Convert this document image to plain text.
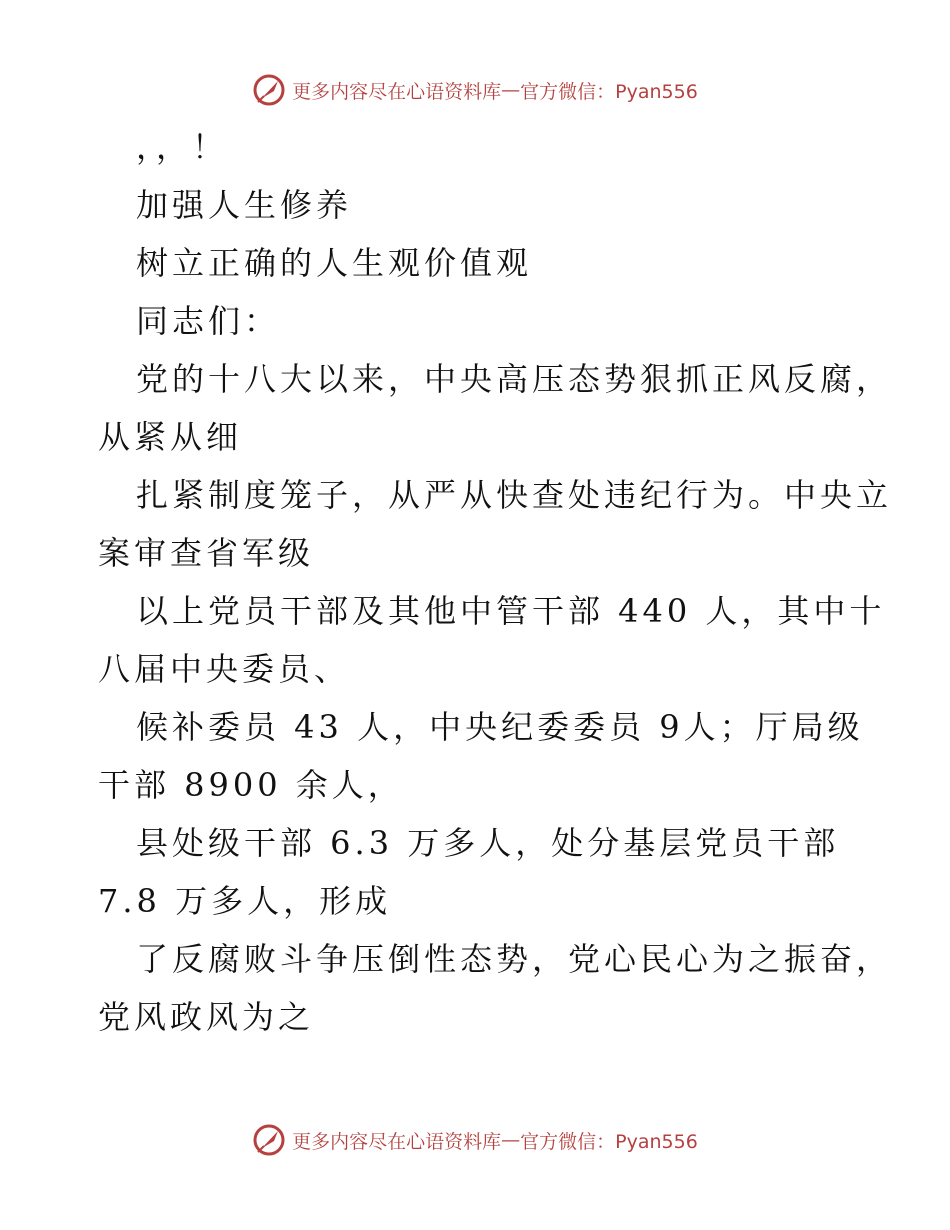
更多内容尽在心语资料库 — 官方微信：Pyan556
，，！
加强人生修养
树立正确的人生观价值观
同志们：
党的十八大以来，中央高压态势狠抓正风反腐，
从紧从细
扎紧制度笼子，从严从快查处违纪行为。中央立
案审查省军级
以上党员干部及其他中管干部 440 人，其中十
八届中央委员、
候补委员 43 人，中央纪委委员 9人；厅局级
干部 8900 余人，
县处级干部 6.3 万多人，处分基层党员干部
7.8 万多人，形成
了反腐败斗争压倒性态势，党心民心为之振奋，
党风政风为之
更多内容尽在心语资料库 — 官方微信：Pyan556
